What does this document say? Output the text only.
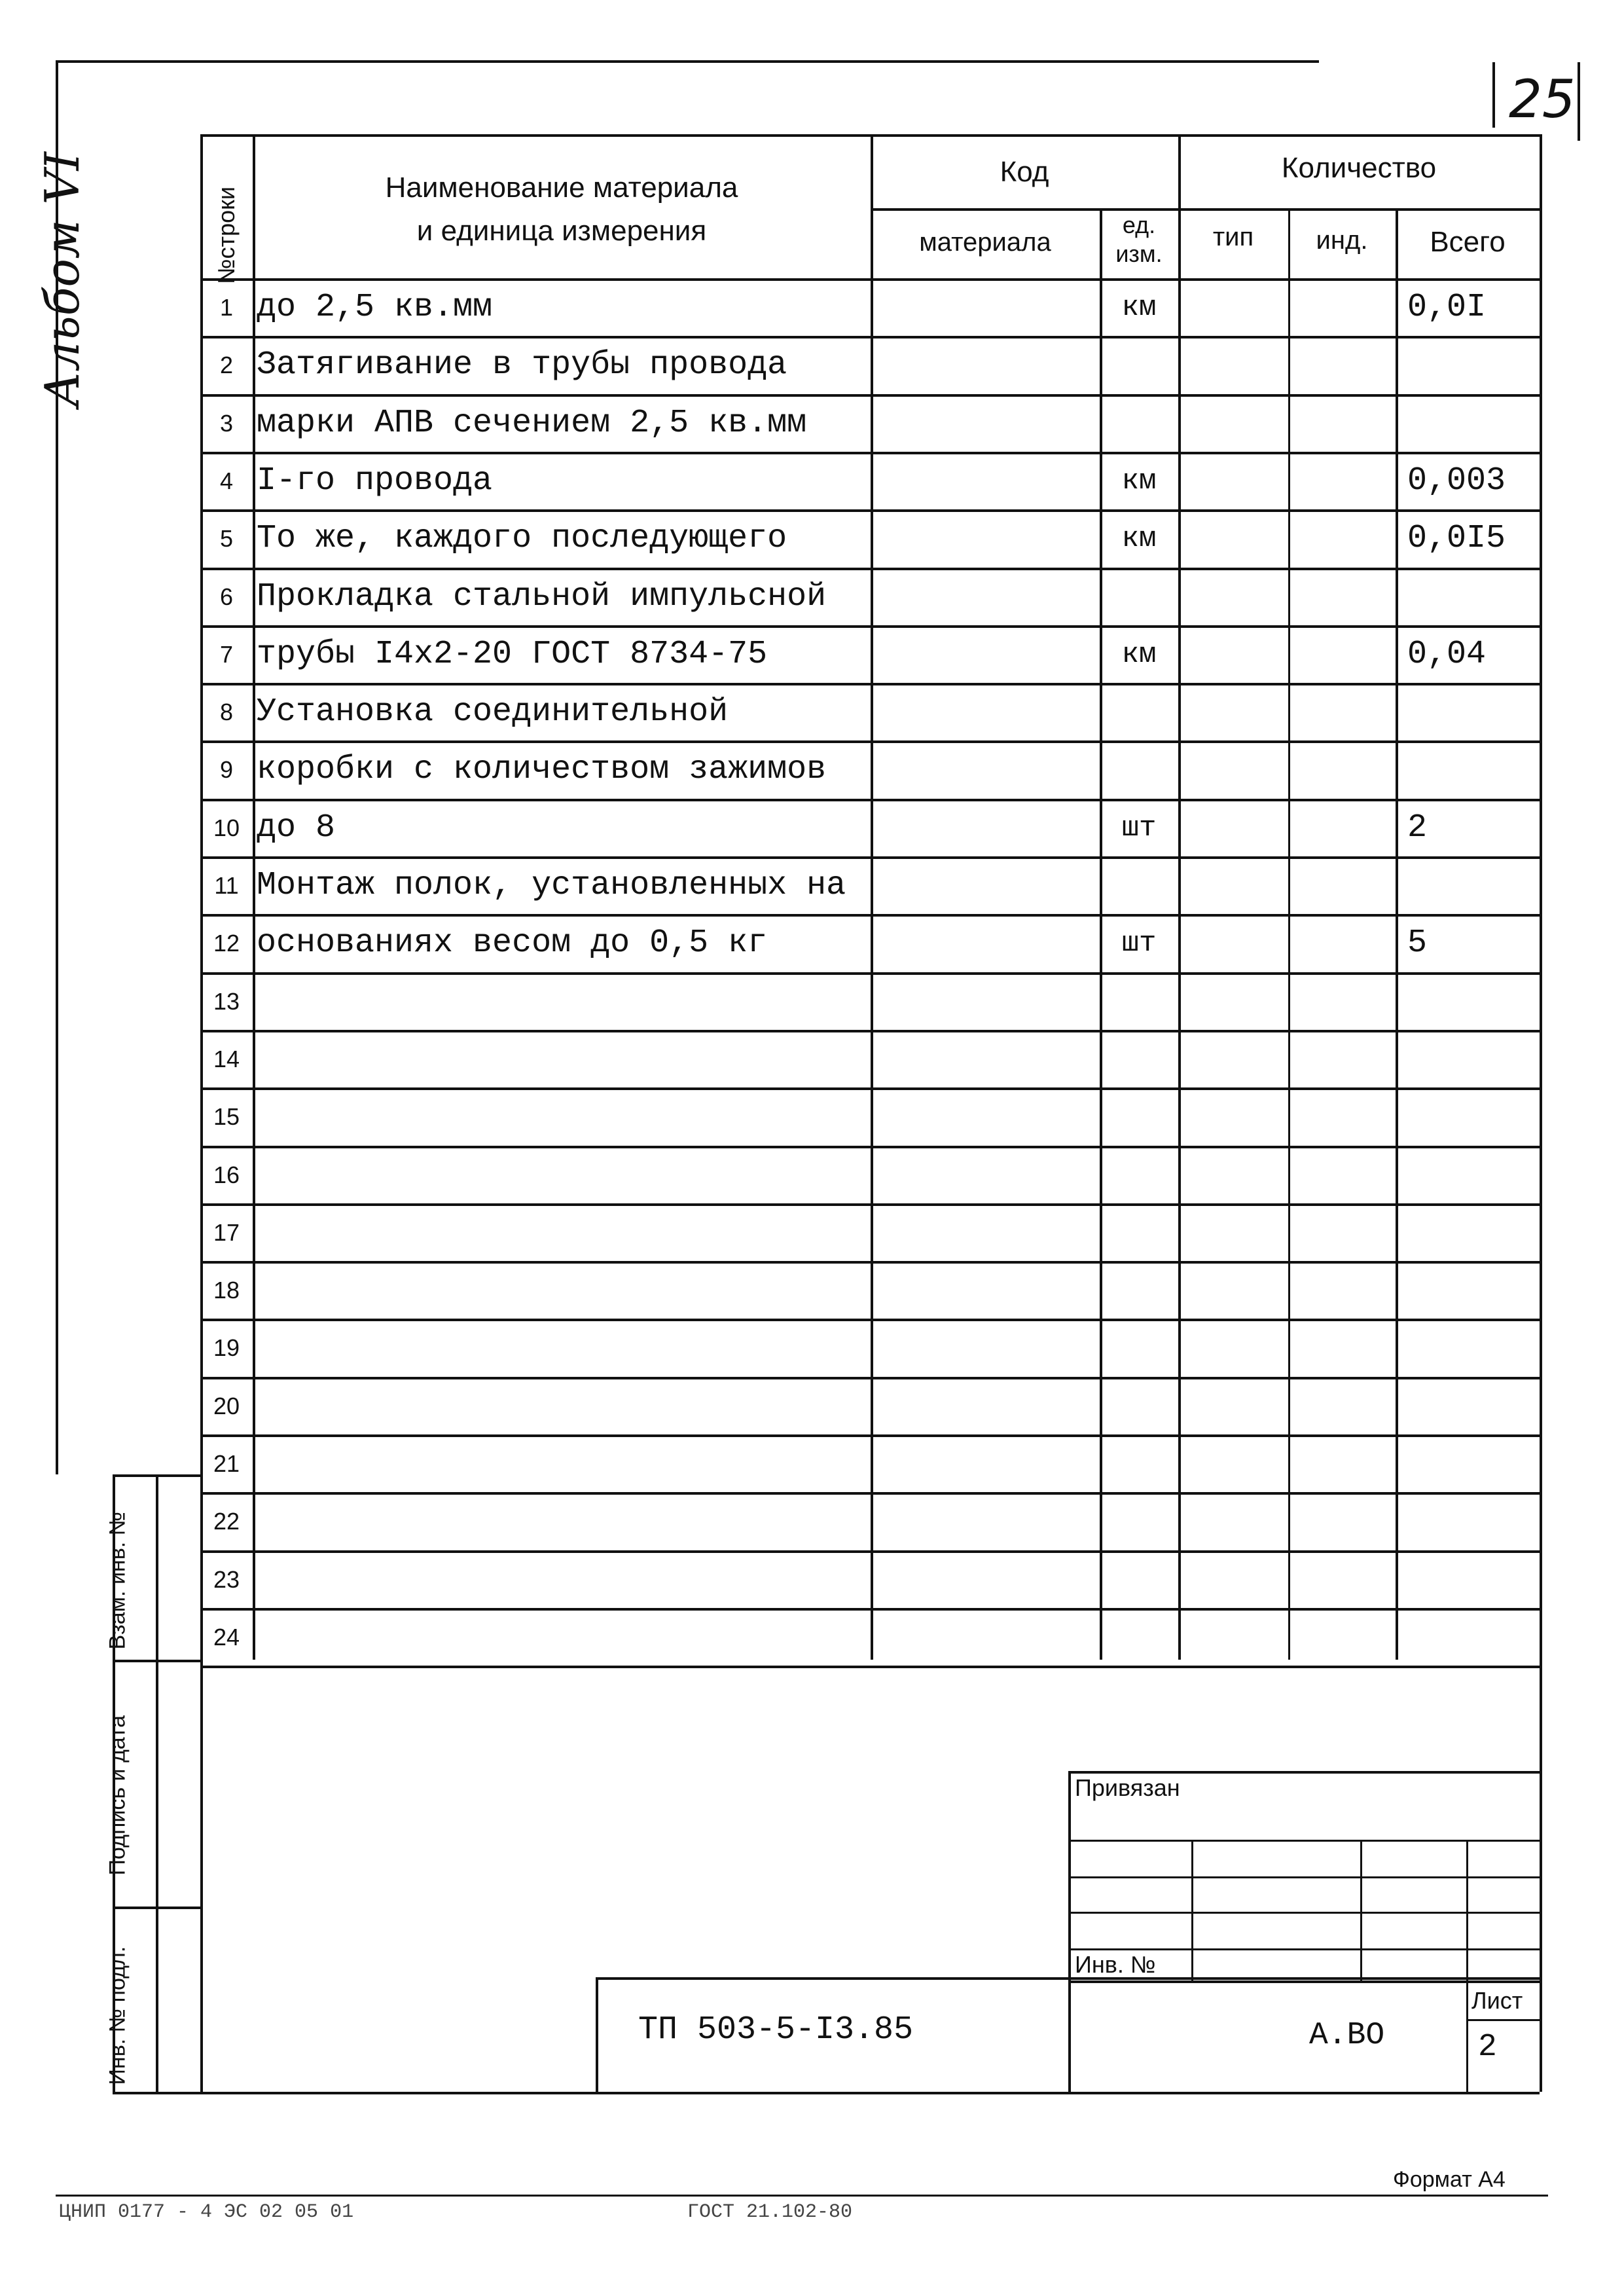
25
Альбом VI	№строки	Наименование материала
и единица измерения
Код
материала
ед. изм.
Количество
тип	инд.	Всего
1 до 2,5 кв.мм	км	0,0I
2 Затягивание в трубы провода
3 марки АПВ сечением 2,5 кв.мм
4 I-го провода	км	0,003
5 То же, каждого последующего	км	0,0I5
6 Прокладка стальной импульсной
7 трубы I4х2-20 ГОСТ 8734-75	км	0,04
8 Установка соединительной
9 коробки с количеством зажимов
10 до 8	шт	2
11 Монтаж полок, установленных на
12 основаниях весом до 0,5 кг	шт	5
13
14
15
16
17
18
19
20
21
22
23
24
Взам. инв. №
Подпись и дата
Инв. № подл.
Привязан
Инв. №
ТП 503-5-I3.85	А.ВО
Лист
2
Формат А4
ЦНИП 0177 - 4 ЭС 02 05 01	ГОСТ 21.102-80
